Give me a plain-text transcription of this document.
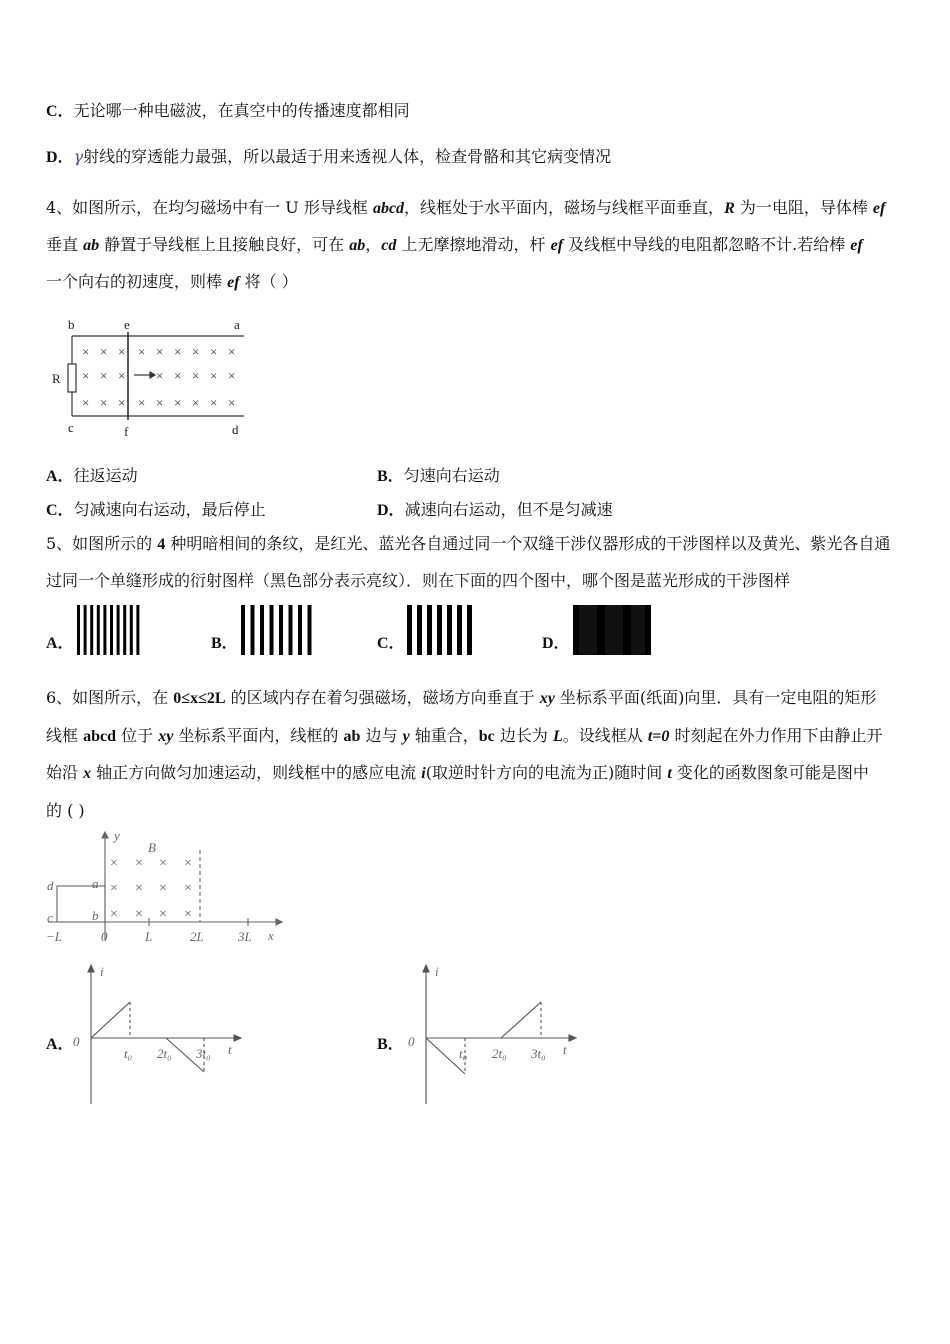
C．无论哪一种电磁波，在真空中的传播速度都相同
D．γ射线的穿透能力最强，所以最适于用来透视人体，检查骨骼和其它病变情况
4、如图所示，在均匀磁场中有一 U 形导线框 abcd，线框处于水平面内，磁场与线框平面垂直，R 为一电阻，导体棒 ef
垂直 ab 静置于导线框上且接触良好，可在 ab，cd 上无摩擦地滑动，杆 ef 及线框中导线的电阻都忽略不计.若给棒 ef
一个向右的初速度，则棒 ef 将（ ）
b	e	a
R
c	f	d
× × × × × × × × ×
× × × × × × × ×
× × × × × × × × ×
A．往返运动	B．匀速向右运动
C．匀减速向右运动，最后停止	D．减速向右运动，但不是匀减速
5、如图所示的 4 种明暗相间的条纹，是红光、蓝光各自通过同一个双缝干涉仪器形成的干涉图样以及黄光、紫光各自通
过同一个单缝形成的衍射图样（黑色部分表示亮纹）．则在下面的四个图中，哪个图是蓝光形成的干涉图样
A．	B．	C．	D．
6、如图所示，在 0≤x≤2L 的区域内存在着匀强磁场，磁场方向垂直于 xy 坐标系平面(纸面)向里．具有一定电阻的矩形
线框 abcd 位于 xy 坐标系平面内，线框的 ab 边与 y 轴重合，bc 边长为 L。设线框从 t=0 时刻起在外力作用下由静止开
始沿 x 轴正方向做匀加速运动，则线框中的感应电流 i(取逆时针方向的电流为正)随时间 t 变化的函数图象可能是图中
的 ( )
y
B
d	a
c	b
−L	0	L	2L	3L x
× × × ×
× × × ×
× × × ×
A．
i
0
t₀ 2t₀ 3t₀ t	B．
i
0
t₀ 2t₀ 3t₀ t
